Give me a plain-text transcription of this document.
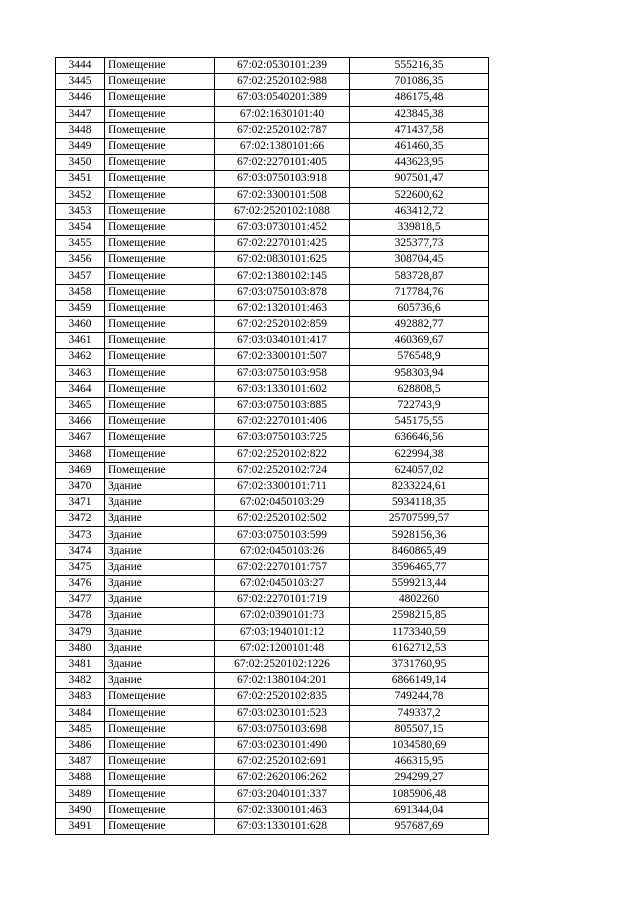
3444	Помещение	67:02:0530101:239	555216,35
3445	Помещение	67:02:2520102:988	701086,35
3446	Помещение	67:03:0540201:389	486175,48
3447	Помещение	67:02:1630101:40	423845,38
3448	Помещение	67:02:2520102:787	471437,58
3449	Помещение	67:02:1380101:66	461460,35
3450	Помещение	67:02:2270101:405	443623,95
3451	Помещение	67:03:0750103:918	907501,47
3452	Помещение	67:02:3300101:508	522600,62
3453	Помещение	67:02:2520102:1088	463412,72
3454	Помещение	67:03:0730101:452	339818,5
3455	Помещение	67:02:2270101:425	325377,73
3456	Помещение	67:02:0830101:625	308704,45
3457	Помещение	67:02:1380102:145	583728,87
3458	Помещение	67:03:0750103:878	717784,76
3459	Помещение	67:02:1320101:463	605736,6
3460	Помещение	67:02:2520102:859	492882,77
3461	Помещение	67:03:0340101:417	460369,67
3462	Помещение	67:02:3300101:507	576548,9
3463	Помещение	67:03:0750103:958	958303,94
3464	Помещение	67:03:1330101:602	628808,5
3465	Помещение	67:03:0750103:885	722743,9
3466	Помещение	67:02:2270101:406	545175,55
3467	Помещение	67:03:0750103:725	636646,56
3468	Помещение	67:02:2520102:822	622994,38
3469	Помещение	67:02:2520102:724	624057,02
3470	Здание	67:02:3300101:711	8233224,61
3471	Здание	67:02:0450103:29	5934118,35
3472	Здание	67:02:2520102:502	25707599,57
3473	Здание	67:03:0750103:599	5928156,36
3474	Здание	67:02:0450103:26	8460865,49
3475	Здание	67:02:2270101:757	3596465,77
3476	Здание	67:02:0450103:27	5599213,44
3477	Здание	67:02:2270101:719	4802260
3478	Здание	67:02:0390101:73	2598215,85
3479	Здание	67:03:1940101:12	1173340,59
3480	Здание	67:02:1200101:48	6162712,53
3481	Здание	67:02:2520102:1226	3731760,95
3482	Здание	67:02:1380104:201	6866149,14
3483	Помещение	67:02:2520102:835	749244,78
3484	Помещение	67:03:0230101:523	749337,2
3485	Помещение	67:03:0750103:698	805507,15
3486	Помещение	67:03:0230101:490	1034580,69
3487	Помещение	67:02:2520102:691	466315,95
3488	Помещение	67:02:2620106:262	294299,27
3489	Помещение	67:03:2040101:337	1085906,48
3490	Помещение	67:02:3300101:463	691344,04
3491	Помещение	67:03:1330101:628	957687,69
